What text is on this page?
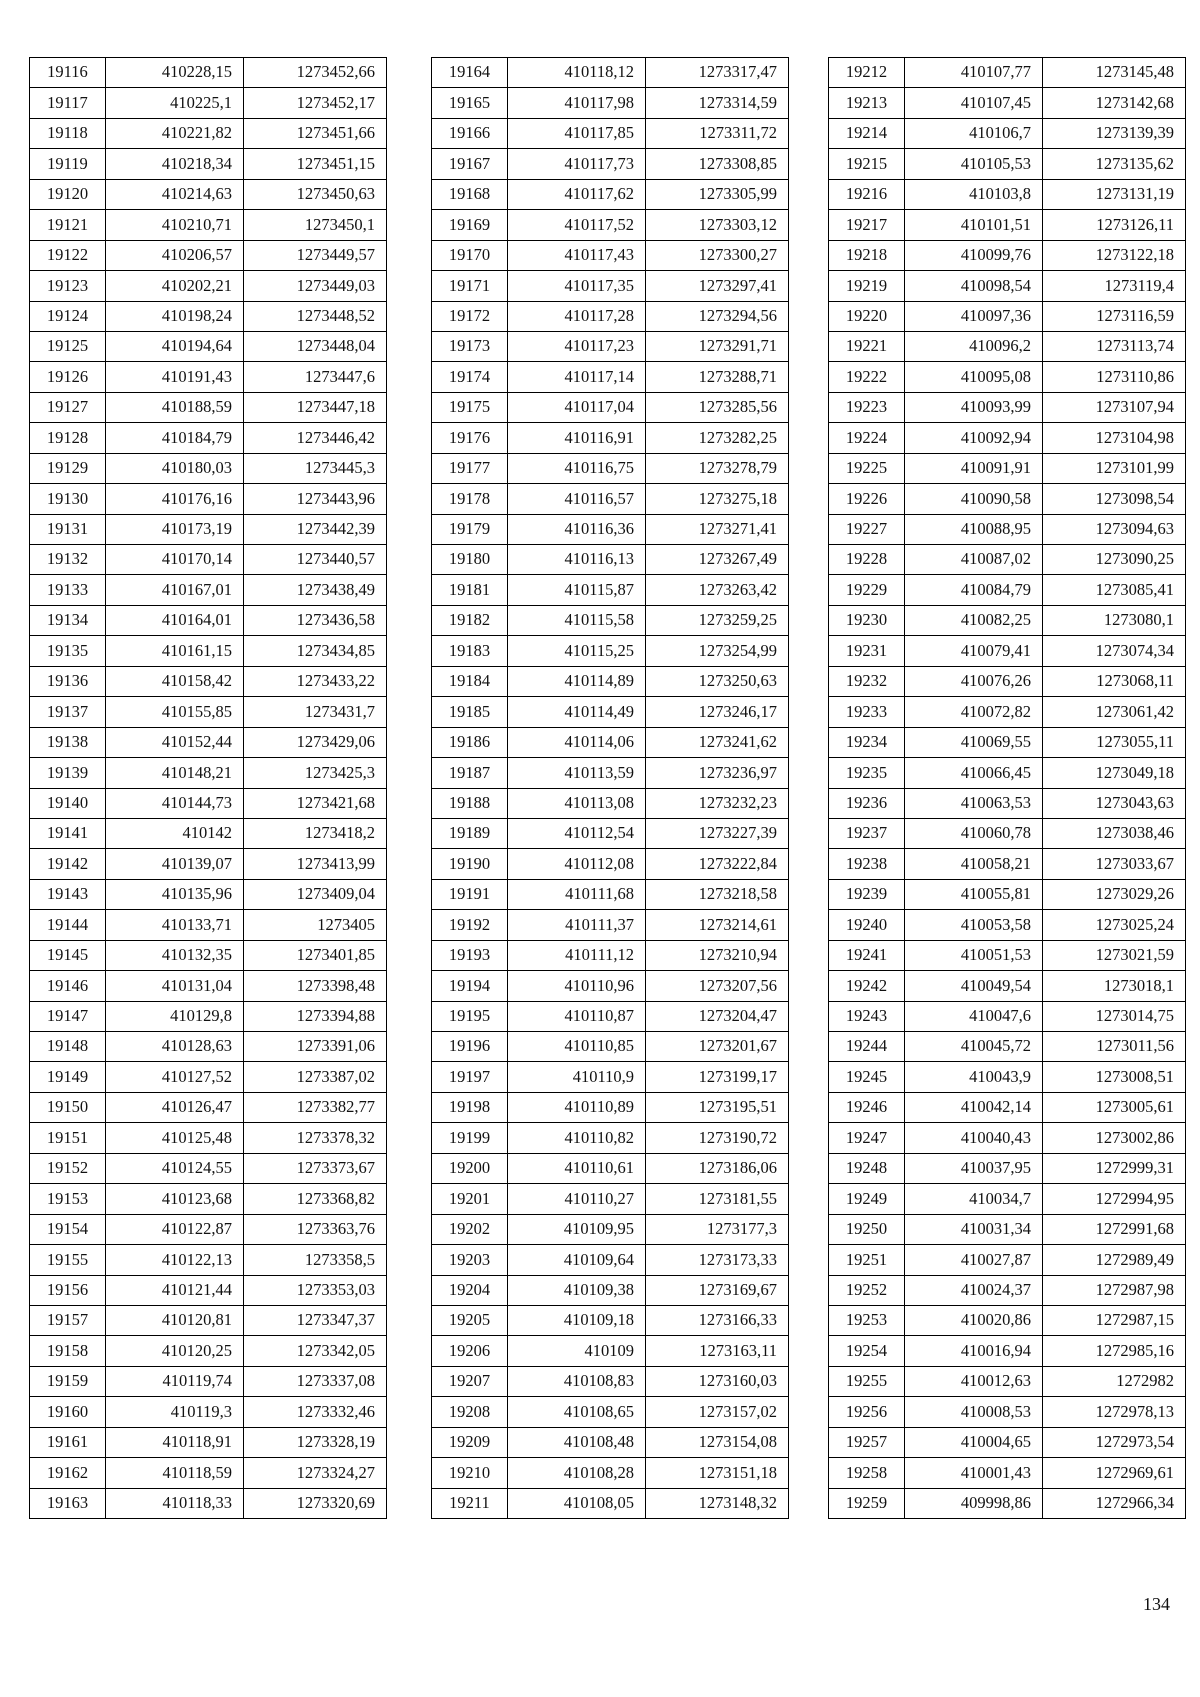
19116	410228,15	1273452,66
19117	410225,1	1273452,17
19118	410221,82	1273451,66
19119	410218,34	1273451,15
19120	410214,63	1273450,63
19121	410210,71	1273450,1
19122	410206,57	1273449,57
19123	410202,21	1273449,03
19124	410198,24	1273448,52
19125	410194,64	1273448,04
19126	410191,43	1273447,6
19127	410188,59	1273447,18
19128	410184,79	1273446,42
19129	410180,03	1273445,3
19130	410176,16	1273443,96
19131	410173,19	1273442,39
19132	410170,14	1273440,57
19133	410167,01	1273438,49
19134	410164,01	1273436,58
19135	410161,15	1273434,85
19136	410158,42	1273433,22
19137	410155,85	1273431,7
19138	410152,44	1273429,06
19139	410148,21	1273425,3
19140	410144,73	1273421,68
19141	410142	1273418,2
19142	410139,07	1273413,99
19143	410135,96	1273409,04
19144	410133,71	1273405
19145	410132,35	1273401,85
19146	410131,04	1273398,48
19147	410129,8	1273394,88
19148	410128,63	1273391,06
19149	410127,52	1273387,02
19150	410126,47	1273382,77
19151	410125,48	1273378,32
19152	410124,55	1273373,67
19153	410123,68	1273368,82
19154	410122,87	1273363,76
19155	410122,13	1273358,5
19156	410121,44	1273353,03
19157	410120,81	1273347,37
19158	410120,25	1273342,05
19159	410119,74	1273337,08
19160	410119,3	1273332,46
19161	410118,91	1273328,19
19162	410118,59	1273324,27
19163	410118,33	1273320,69
19164	410118,12	1273317,47
19165	410117,98	1273314,59
19166	410117,85	1273311,72
19167	410117,73	1273308,85
19168	410117,62	1273305,99
19169	410117,52	1273303,12
19170	410117,43	1273300,27
19171	410117,35	1273297,41
19172	410117,28	1273294,56
19173	410117,23	1273291,71
19174	410117,14	1273288,71
19175	410117,04	1273285,56
19176	410116,91	1273282,25
19177	410116,75	1273278,79
19178	410116,57	1273275,18
19179	410116,36	1273271,41
19180	410116,13	1273267,49
19181	410115,87	1273263,42
19182	410115,58	1273259,25
19183	410115,25	1273254,99
19184	410114,89	1273250,63
19185	410114,49	1273246,17
19186	410114,06	1273241,62
19187	410113,59	1273236,97
19188	410113,08	1273232,23
19189	410112,54	1273227,39
19190	410112,08	1273222,84
19191	410111,68	1273218,58
19192	410111,37	1273214,61
19193	410111,12	1273210,94
19194	410110,96	1273207,56
19195	410110,87	1273204,47
19196	410110,85	1273201,67
19197	410110,9	1273199,17
19198	410110,89	1273195,51
19199	410110,82	1273190,72
19200	410110,61	1273186,06
19201	410110,27	1273181,55
19202	410109,95	1273177,3
19203	410109,64	1273173,33
19204	410109,38	1273169,67
19205	410109,18	1273166,33
19206	410109	1273163,11
19207	410108,83	1273160,03
19208	410108,65	1273157,02
19209	410108,48	1273154,08
19210	410108,28	1273151,18
19211	410108,05	1273148,32
19212	410107,77	1273145,48
19213	410107,45	1273142,68
19214	410106,7	1273139,39
19215	410105,53	1273135,62
19216	410103,8	1273131,19
19217	410101,51	1273126,11
19218	410099,76	1273122,18
19219	410098,54	1273119,4
19220	410097,36	1273116,59
19221	410096,2	1273113,74
19222	410095,08	1273110,86
19223	410093,99	1273107,94
19224	410092,94	1273104,98
19225	410091,91	1273101,99
19226	410090,58	1273098,54
19227	410088,95	1273094,63
19228	410087,02	1273090,25
19229	410084,79	1273085,41
19230	410082,25	1273080,1
19231	410079,41	1273074,34
19232	410076,26	1273068,11
19233	410072,82	1273061,42
19234	410069,55	1273055,11
19235	410066,45	1273049,18
19236	410063,53	1273043,63
19237	410060,78	1273038,46
19238	410058,21	1273033,67
19239	410055,81	1273029,26
19240	410053,58	1273025,24
19241	410051,53	1273021,59
19242	410049,54	1273018,1
19243	410047,6	1273014,75
19244	410045,72	1273011,56
19245	410043,9	1273008,51
19246	410042,14	1273005,61
19247	410040,43	1273002,86
19248	410037,95	1272999,31
19249	410034,7	1272994,95
19250	410031,34	1272991,68
19251	410027,87	1272989,49
19252	410024,37	1272987,98
19253	410020,86	1272987,15
19254	410016,94	1272985,16
19255	410012,63	1272982
19256	410008,53	1272978,13
19257	410004,65	1272973,54
19258	410001,43	1272969,61
19259	409998,86	1272966,34
134
